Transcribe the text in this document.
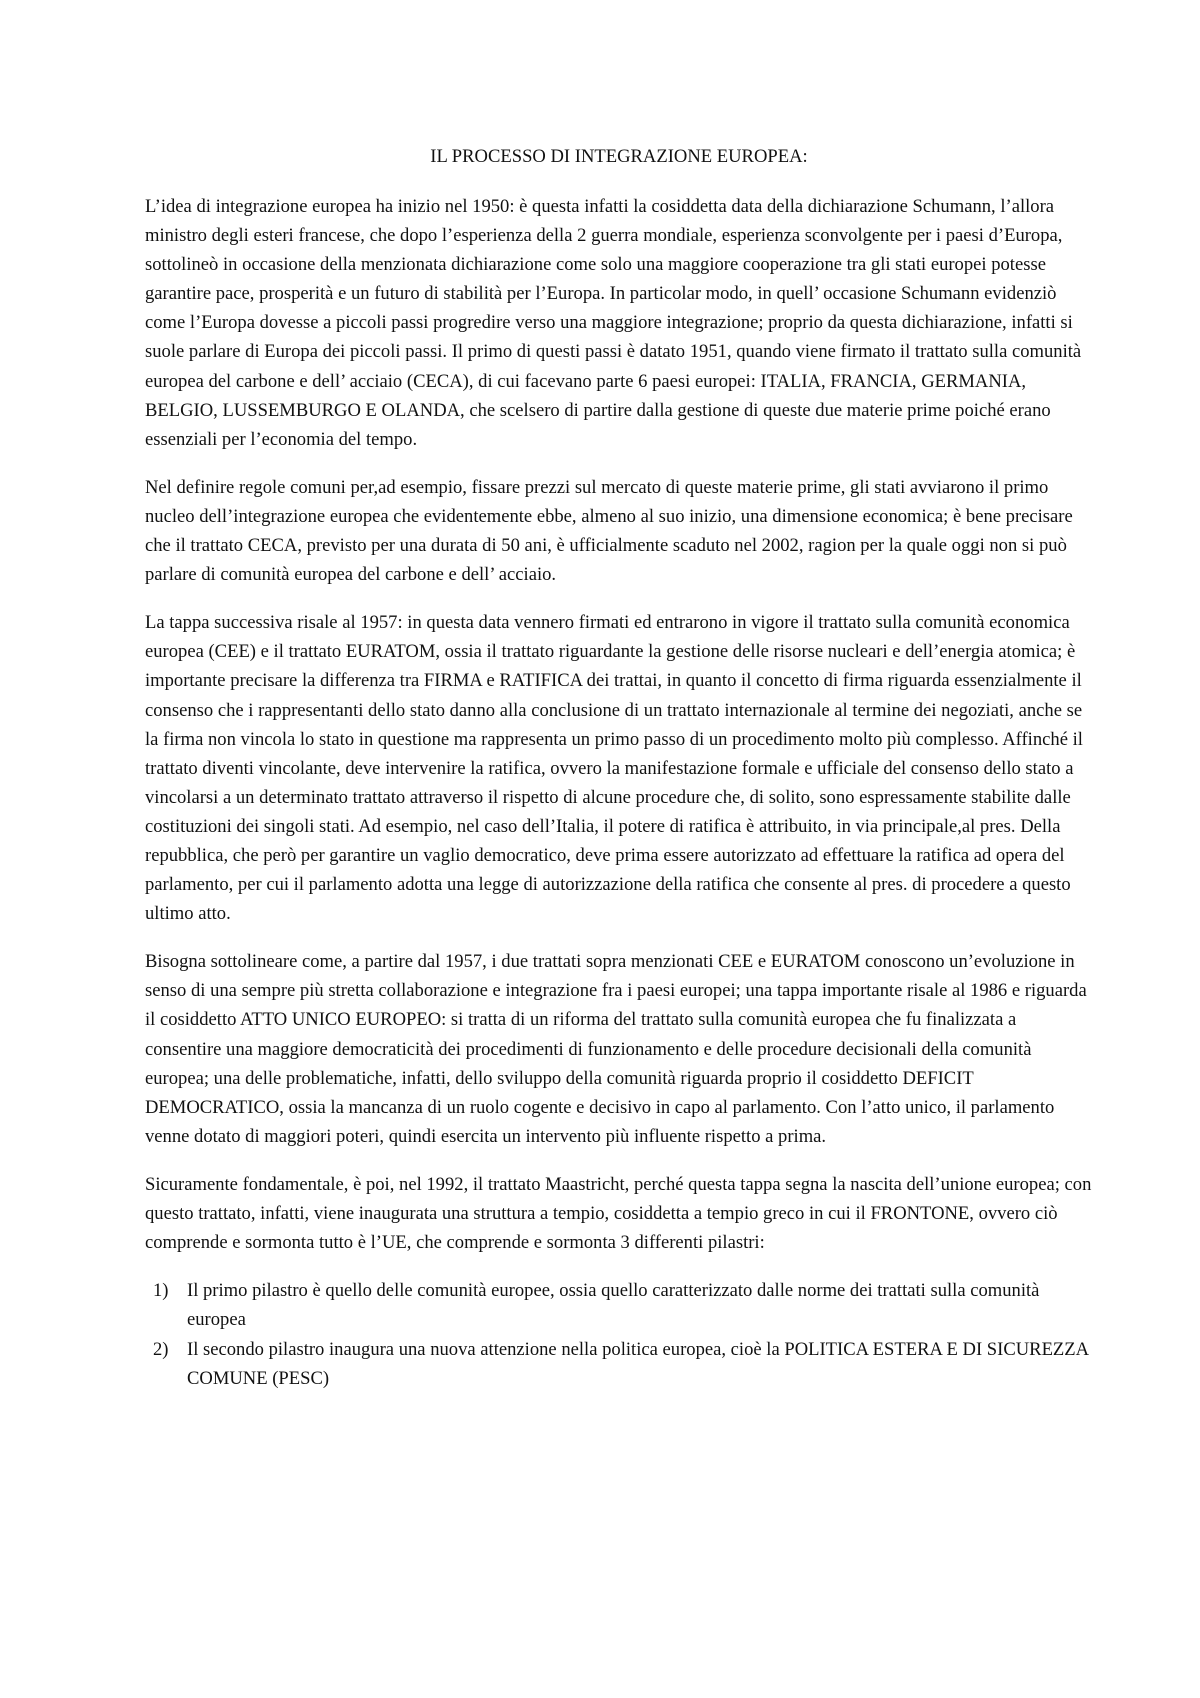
IL PROCESSO DI INTEGRAZIONE EUROPEA:

L’idea di integrazione europea ha inizio nel 1950: è questa infatti la cosiddetta data della dichiarazione Schumann, l’allora ministro degli esteri francese, che dopo l’esperienza della 2 guerra mondiale, esperienza sconvolgente per i paesi d’Europa, sottolineò in occasione della menzionata dichiarazione come solo una maggiore cooperazione tra gli stati europei potesse garantire pace, prosperità e un futuro di stabilità per l’Europa. In particolar modo, in quell’ occasione Schumann evidenziò come l’Europa dovesse a piccoli passi progredire verso una maggiore integrazione; proprio da questa dichiarazione, infatti si suole parlare di Europa dei piccoli passi. Il primo di questi passi è datato 1951, quando viene firmato il trattato sulla comunità europea del carbone e dell’ acciaio (CECA), di cui facevano parte 6 paesi europei: ITALIA, FRANCIA, GERMANIA, BELGIO, LUSSEMBURGO E OLANDA, che scelsero di partire dalla gestione di queste due materie prime poiché erano essenziali per l’economia del tempo.

Nel definire regole comuni per,ad esempio, fissare prezzi sul mercato di queste materie prime, gli stati avviarono il primo nucleo dell’integrazione europea che evidentemente ebbe, almeno al suo inizio, una dimensione economica; è bene precisare che il trattato CECA, previsto per una durata di 50 ani, è ufficialmente scaduto nel 2002, ragion per la quale oggi non si può parlare di comunità europea del carbone e dell’ acciaio.

La tappa successiva risale al 1957: in questa data vennero firmati ed entrarono in vigore il trattato sulla comunità economica europea (CEE) e il trattato EURATOM, ossia il trattato riguardante la gestione delle risorse nucleari e dell’energia atomica; è importante precisare la differenza tra FIRMA e RATIFICA dei trattai, in quanto il concetto di firma riguarda essenzialmente il consenso che i rappresentanti dello stato danno alla conclusione di un trattato internazionale al termine dei negoziati, anche se la firma non vincola lo stato in questione ma rappresenta un primo passo di un procedimento molto più complesso. Affinché il trattato diventi vincolante, deve intervenire la ratifica, ovvero la manifestazione formale e ufficiale del consenso dello stato a vincolarsi a un determinato trattato attraverso il rispetto di alcune procedure che, di solito, sono espressamente stabilite dalle costituzioni dei singoli stati. Ad esempio, nel caso dell’Italia, il potere di ratifica è attribuito, in via principale,al pres. Della repubblica, che però per garantire un vaglio democratico, deve prima essere autorizzato ad effettuare la ratifica ad opera del parlamento, per cui il parlamento adotta una legge di autorizzazione della ratifica che consente al pres. di procedere a questo ultimo atto.

Bisogna sottolineare come, a partire dal 1957, i due trattati sopra menzionati CEE e EURATOM conoscono un’evoluzione in senso di una sempre più stretta collaborazione e integrazione fra i paesi europei; una tappa importante risale al 1986 e riguarda il cosiddetto ATTO UNICO EUROPEO: si tratta di un riforma del trattato sulla comunità europea che fu finalizzata a consentire una maggiore democraticità dei procedimenti di funzionamento e delle procedure decisionali della comunità europea; una delle problematiche, infatti, dello sviluppo della comunità riguarda proprio il cosiddetto DEFICIT DEMOCRATICO, ossia la mancanza di un ruolo cogente e decisivo in capo al parlamento. Con l’atto unico, il parlamento venne dotato di maggiori poteri, quindi esercita un intervento più influente rispetto a prima.

Sicuramente fondamentale, è poi, nel 1992, il trattato Maastricht, perché questa tappa segna la nascita dell’unione europea; con questo trattato, infatti, viene inaugurata una struttura a tempio, cosiddetta a tempio greco in cui il FRONTONE, ovvero ciò comprende e sormonta tutto è l’UE, che comprende e sormonta 3 differenti pilastri:

1) Il primo pilastro è quello delle comunità europee, ossia quello caratterizzato dalle norme dei trattati sulla comunità europea
2) Il secondo pilastro inaugura una nuova attenzione nella politica europea, cioè la POLITICA ESTERA E DI SICUREZZA COMUNE (PESC)
